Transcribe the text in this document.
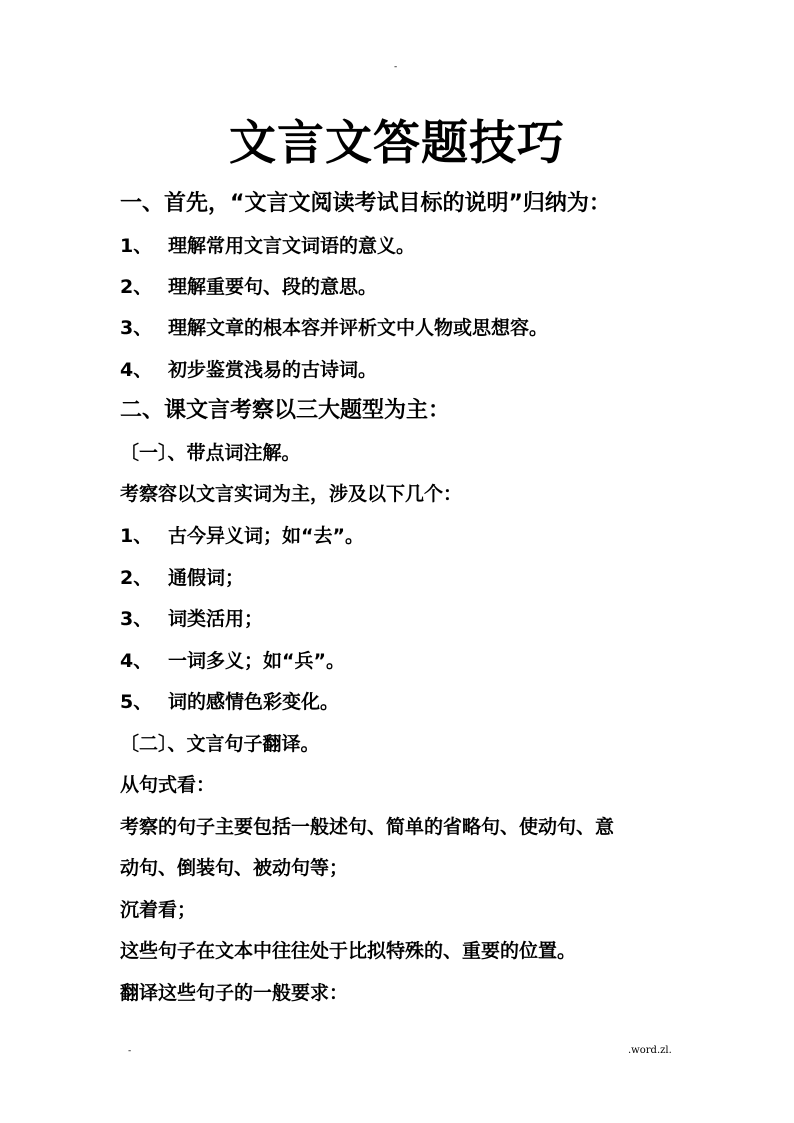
-
文言文答题技巧
一、首先，“文言文阅读考试目标的说明”归纳为：
1、 理解常用文言文词语的意义。
2、 理解重要句、段的意思。
3、 理解文章的根本容并评析文中人物或思想容。
4、 初步鉴赏浅易的古诗词。
二、课文言考察以三大题型为主：
〔一〕、带点词注解。
考察容以文言实词为主，涉及以下几个：
1、 古今异义词；如“去”。
2、 通假词；
3、 词类活用；
4、 一词多义；如“兵”。
5、 词的感情色彩变化。
〔二〕、文言句子翻译。
从句式看：
考察的句子主要包括一般述句、简单的省略句、使动句、意
动句、倒装句、被动句等；
沉着看；
这些句子在文本中往往处于比拟特殊的、重要的位置。
翻译这些句子的一般要求：
-	.word.zl.
